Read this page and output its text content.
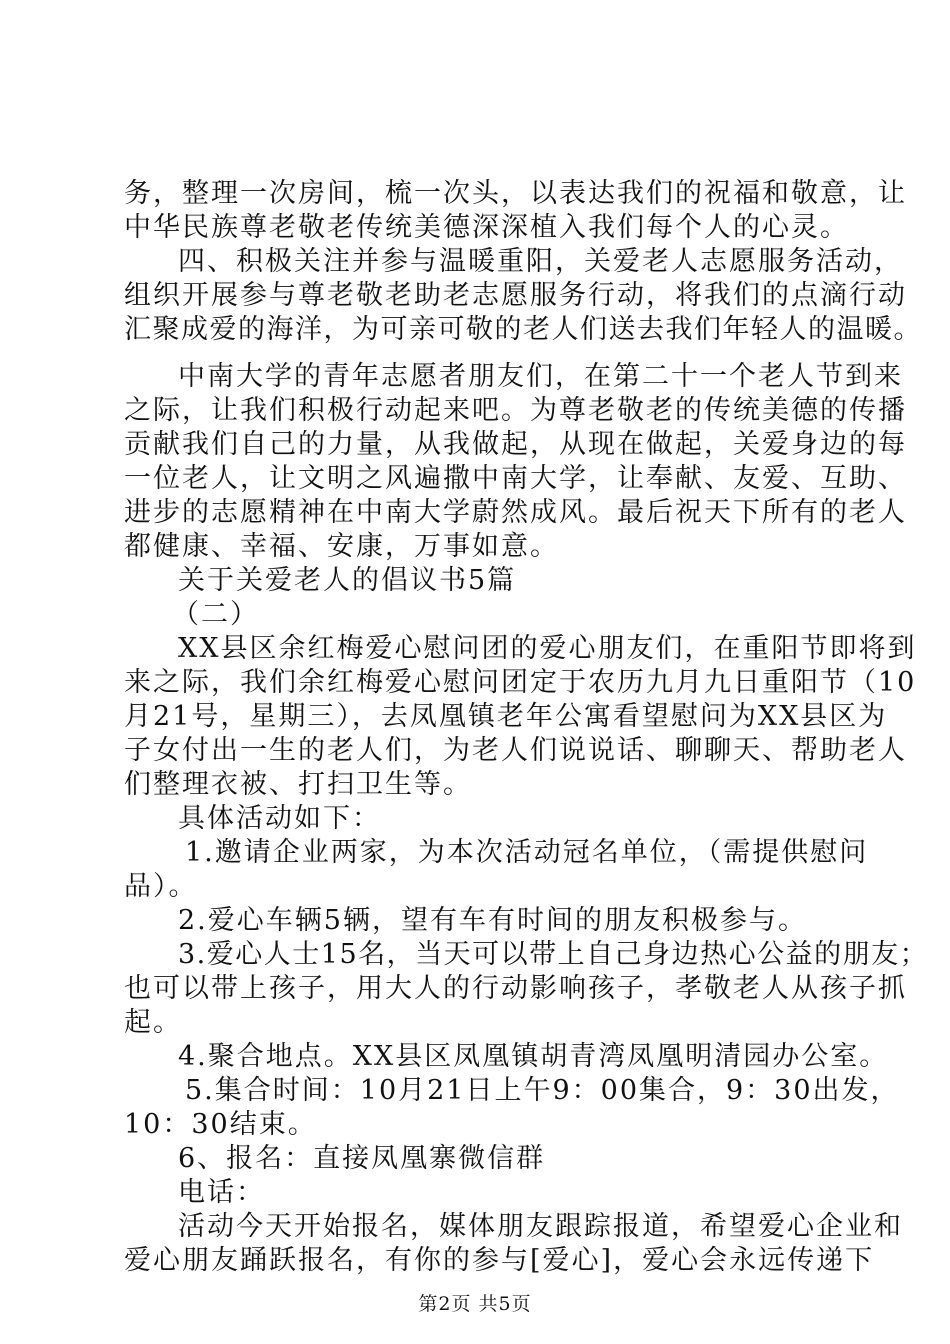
务，整理一次房间，梳一次头，以表达我们的祝福和敬意，让
中华民族尊老敬老传统美德深深植入我们每个人的心灵。
四、积极关注并参与温暖重阳，关爱老人志愿服务活动，
组织开展参与尊老敬老助老志愿服务行动，将我们的点滴行动
汇聚成爱的海洋，为可亲可敬的老人们送去我们年轻人的温暖。
中南大学的青年志愿者朋友们，在第二十一个老人节到来
之际，让我们积极行动起来吧。为尊老敬老的传统美德的传播
贡献我们自己的力量，从我做起，从现在做起，关爱身边的每
一位老人，让文明之风遍撒中南大学，让奉献、友爱、互助、
进步的志愿精神在中南大学蔚然成风。最后祝天下所有的老人
都健康、幸福、安康，万事如意。
关于关爱老人的倡议书5篇
（二）
XX县区余红梅爱心慰问团的爱心朋友们，在重阳节即将到
来之际，我们余红梅爱心慰问团定于农历九月九日重阳节（10
月21号，星期三），去凤凰镇老年公寓看望慰问为XX县区为
子女付出一生的老人们，为老人们说说话、聊聊天、帮助老人
们整理衣被、打扫卫生等。
具体活动如下：
1.邀请企业两家，为本次活动冠名单位，（需提供慰问
品）。
2.爱心车辆5辆，望有车有时间的朋友积极参与。
3.爱心人士15名，当天可以带上自己身边热心公益的朋友；
也可以带上孩子，用大人的行动影响孩子，孝敬老人从孩子抓
起。
4.聚合地点。XX县区凤凰镇胡青湾凤凰明清园办公室。
5.集合时间：10月21日上午9：00集合，9：30出发，
10：30结束。
6、报名：直接凤凰寨微信群
电话：
活动今天开始报名，媒体朋友跟踪报道，希望爱心企业和
爱心朋友踊跃报名，有你的参与[爱心]，爱心会永远传递下
第2页 共5页
